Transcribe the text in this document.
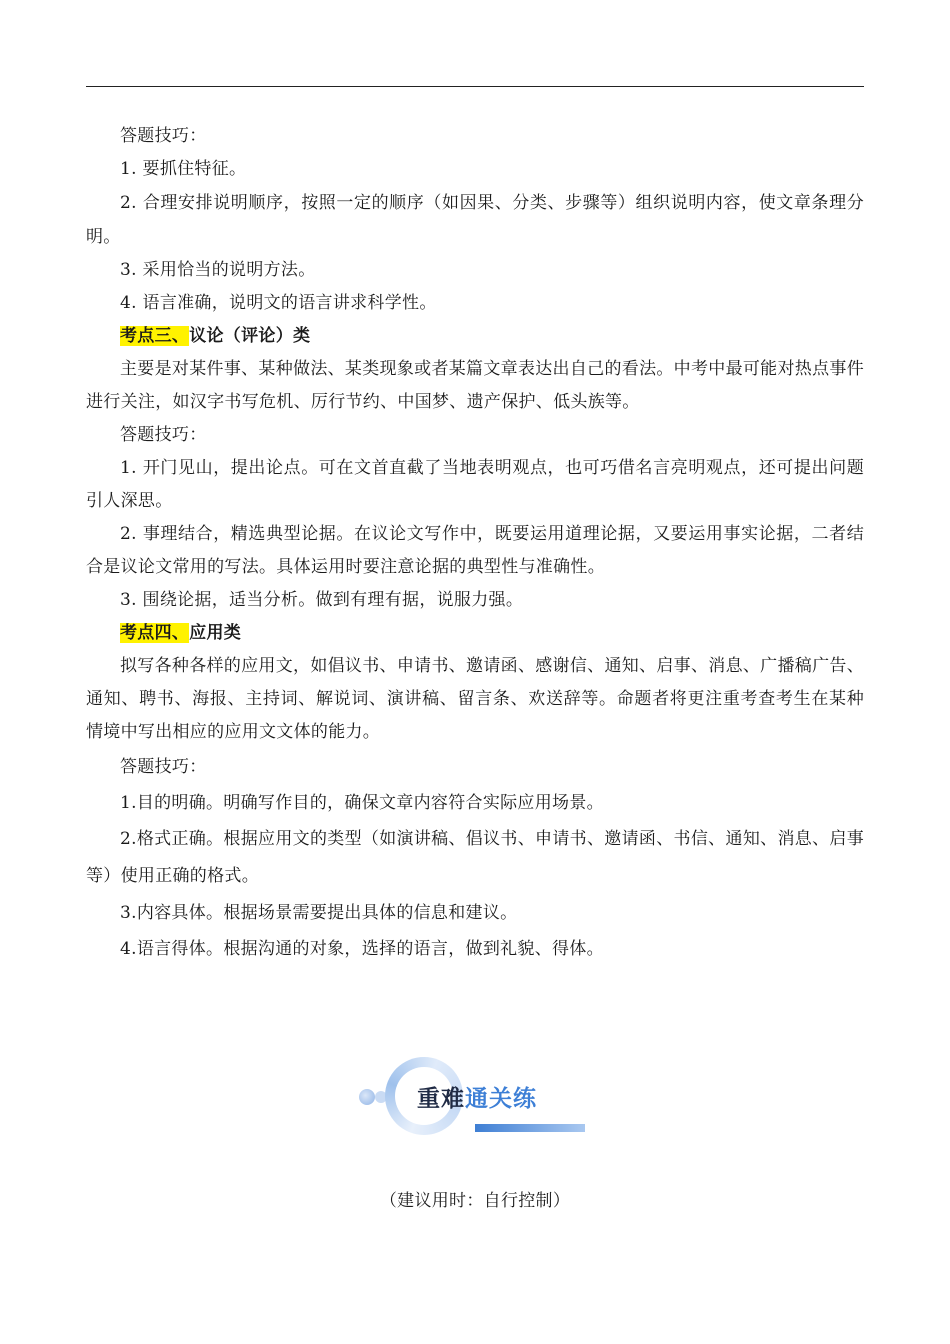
答题技巧：

1. 要抓住特征。

2. 合理安排说明顺序，按照一定的顺序（如因果、分类、步骤等）组织说明内容，使文章条理分明。

3. 采用恰当的说明方法。

4. 语言准确，说明文的语言讲求科学性。

考点三、议论（评论）类

主要是对某件事、某种做法、某类现象或者某篇文章表达出自己的看法。中考中最可能对热点事件进行关注，如汉字书写危机、厉行节约、中国梦、遗产保护、低头族等。

答题技巧：

1. 开门见山，提出论点。可在文首直截了当地表明观点，也可巧借名言亮明观点，还可提出问题引人深思。

2. 事理结合，精选典型论据。在议论文写作中，既要运用道理论据，又要运用事实论据，二者结合是议论文常用的写法。具体运用时要注意论据的典型性与准确性。

3. 围绕论据，适当分析。做到有理有据，说服力强。

考点四、应用类

拟写各种各样的应用文，如倡议书、申请书、邀请函、感谢信、通知、启事、消息、广播稿广告、通知、聘书、海报、主持词、解说词、演讲稿、留言条、欢送辞等。命题者将更注重考查考生在某种情境中写出相应的应用文文体的能力。

答题技巧：

1.目的明确。明确写作目的，确保文章内容符合实际应用场景。

2.格式正确。根据应用文的类型（如演讲稿、倡议书、申请书、邀请函、书信、通知、消息、启事等）使用正确的格式。

3.内容具体。根据场景需要提出具体的信息和建议。

4.语言得体。根据沟通的对象，选择的语言，做到礼貌、得体。

重难通关练
（建议用时：自行控制）
